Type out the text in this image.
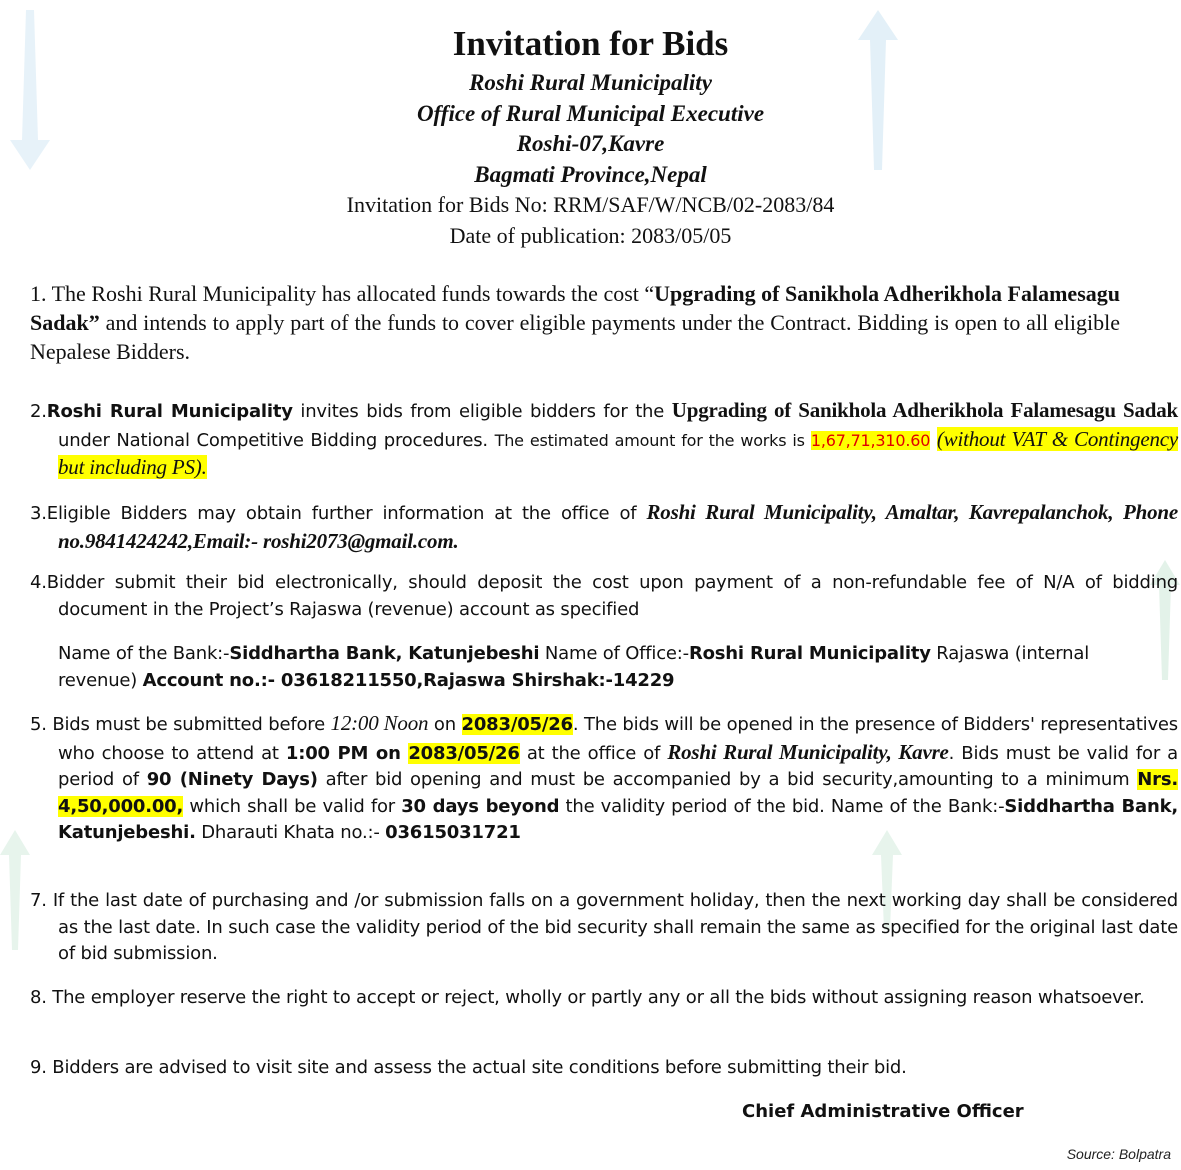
Invitation for Bids
Roshi Rural Municipality
Office of Rural Municipal Executive
Roshi-07,Kavre
Bagmati Province,Nepal
Invitation for Bids No: RRM/SAF/W/NCB/02-2083/84
Date of publication: 2083/05/05
1. The Roshi Rural Municipality has allocated funds towards the cost “Upgrading of Sanikhola Adherikhola Falamesagu Sadak” and intends to apply part of the funds to cover eligible payments under the Contract. Bidding is open to all eligible Nepalese Bidders.
2.Roshi Rural Municipality invites bids from eligible bidders for the Upgrading of Sanikhola Adherikhola Falamesagu Sadak under National Competitive Bidding procedures. The estimated amount for the works is 1,67,71,310.60 (without VAT & Contingency but including PS).
3.Eligible Bidders may obtain further information at the office of Roshi Rural Municipality, Amaltar, Kavrepalanchok, Phone no.9841424242,Email:- roshi2073@gmail.com.
4.Bidder submit their bid electronically, should deposit the cost upon payment of a non-refundable fee of N/A of bidding document in the Project’s Rajaswa (revenue) account as specified
Name of the Bank:-Siddhartha Bank, Katunjebeshi Name of Office:-Roshi Rural Municipality Rajaswa (internal revenue) Account no.:- 03618211550,Rajaswa Shirshak:-14229
5. Bids must be submitted before 12:00 Noon on 2083/05/26. The bids will be opened in the presence of Bidders' representatives who choose to attend at 1:00 PM on 2083/05/26 at the office of Roshi Rural Municipality, Kavre. Bids must be valid for a period of 90 (Ninety Days) after bid opening and must be accompanied by a bid security,amounting to a minimum Nrs. 4,50,000.00, which shall be valid for 30 days beyond the validity period of the bid. Name of the Bank:-Siddhartha Bank, Katunjebeshi. Dharauti Khata no.:- 03615031721
7. If the last date of purchasing and /or submission falls on a government holiday, then the next working day shall be considered as the last date. In such case the validity period of the bid security shall remain the same as specified for the original last date of bid submission.
8. The employer reserve the right to accept or reject, wholly or partly any or all the bids without assigning reason whatsoever.
9. Bidders are advised to visit site and assess the actual site conditions before submitting their bid.
Chief Administrative Officer
Source: Bolpatra
